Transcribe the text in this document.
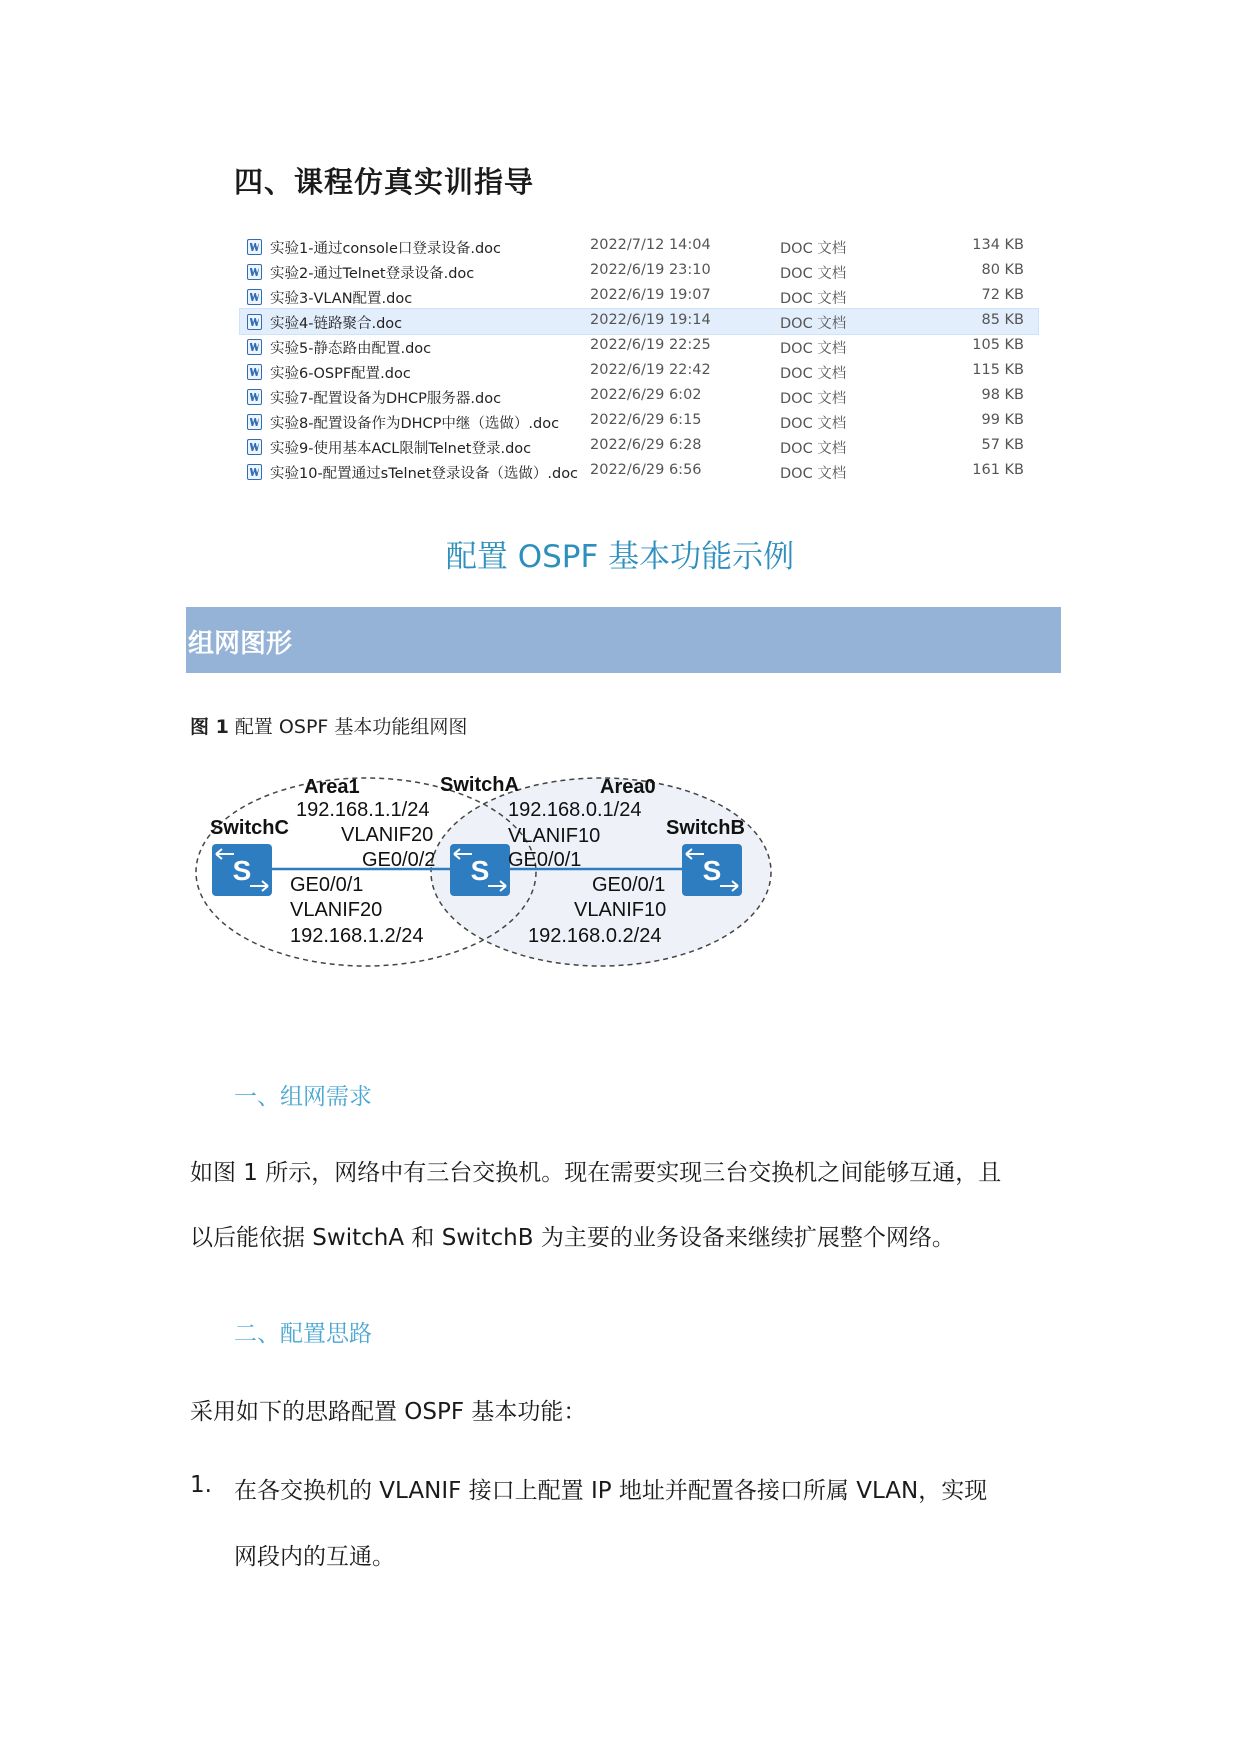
四、课程仿真实训指导
实验1-通过console口登录设备.doc	2022/7/12 14:04	DOC 文档	134 KB
实验2-通过Telnet登录设备.doc	2022/6/19 23:10	DOC 文档	80 KB
实验3-VLAN配置.doc	2022/6/19 19:07	DOC 文档	72 KB
实验4-链路聚合.doc	2022/6/19 19:14	DOC 文档	85 KB
实验5-静态路由配置.doc	2022/6/19 22:25	DOC 文档	105 KB
实验6-OSPF配置.doc	2022/6/19 22:42	DOC 文档	115 KB
实验7-配置设备为DHCP服务器.doc	2022/6/29 6:02	DOC 文档	98 KB
实验8-配置设备作为DHCP中继（选做）.doc 2022/6/29 6:15	DOC 文档	99 KB
实验9-使用基本ACL限制Telnet登录.doc	2022/6/29 6:28	DOC 文档	57 KB
实验10-配置通过sTelnet登录设备（选做）.doc 2022/6/29 6:56	DOC 文档	161 KB
配置 OSPF 基本功能示例
组网图形
图 1 配置 OSPF 基本功能组网图
S	S	S
Area1	SwitchA	Area0
SwitchC	SwitchB
192.168.1.1/24
VLANIF20
GE0/0/2
192.168.0.1/24
VLANIF10
GE0/0/1
GE0/0/1
VLANIF20
192.168.1.2/24
GE0/0/1
VLANIF10
192.168.0.2/24
一、组网需求
如图 1 所示，网络中有三台交换机。现在需要实现三台交换机之间能够互通，且
以后能依据 SwitchA 和 SwitchB 为主要的业务设备来继续扩展整个网络。
二、配置思路
采用如下的思路配置 OSPF 基本功能：
1. 在各交换机的 VLANIF 接口上配置 IP 地址并配置各接口所属 VLAN，实现
网段内的互通。
